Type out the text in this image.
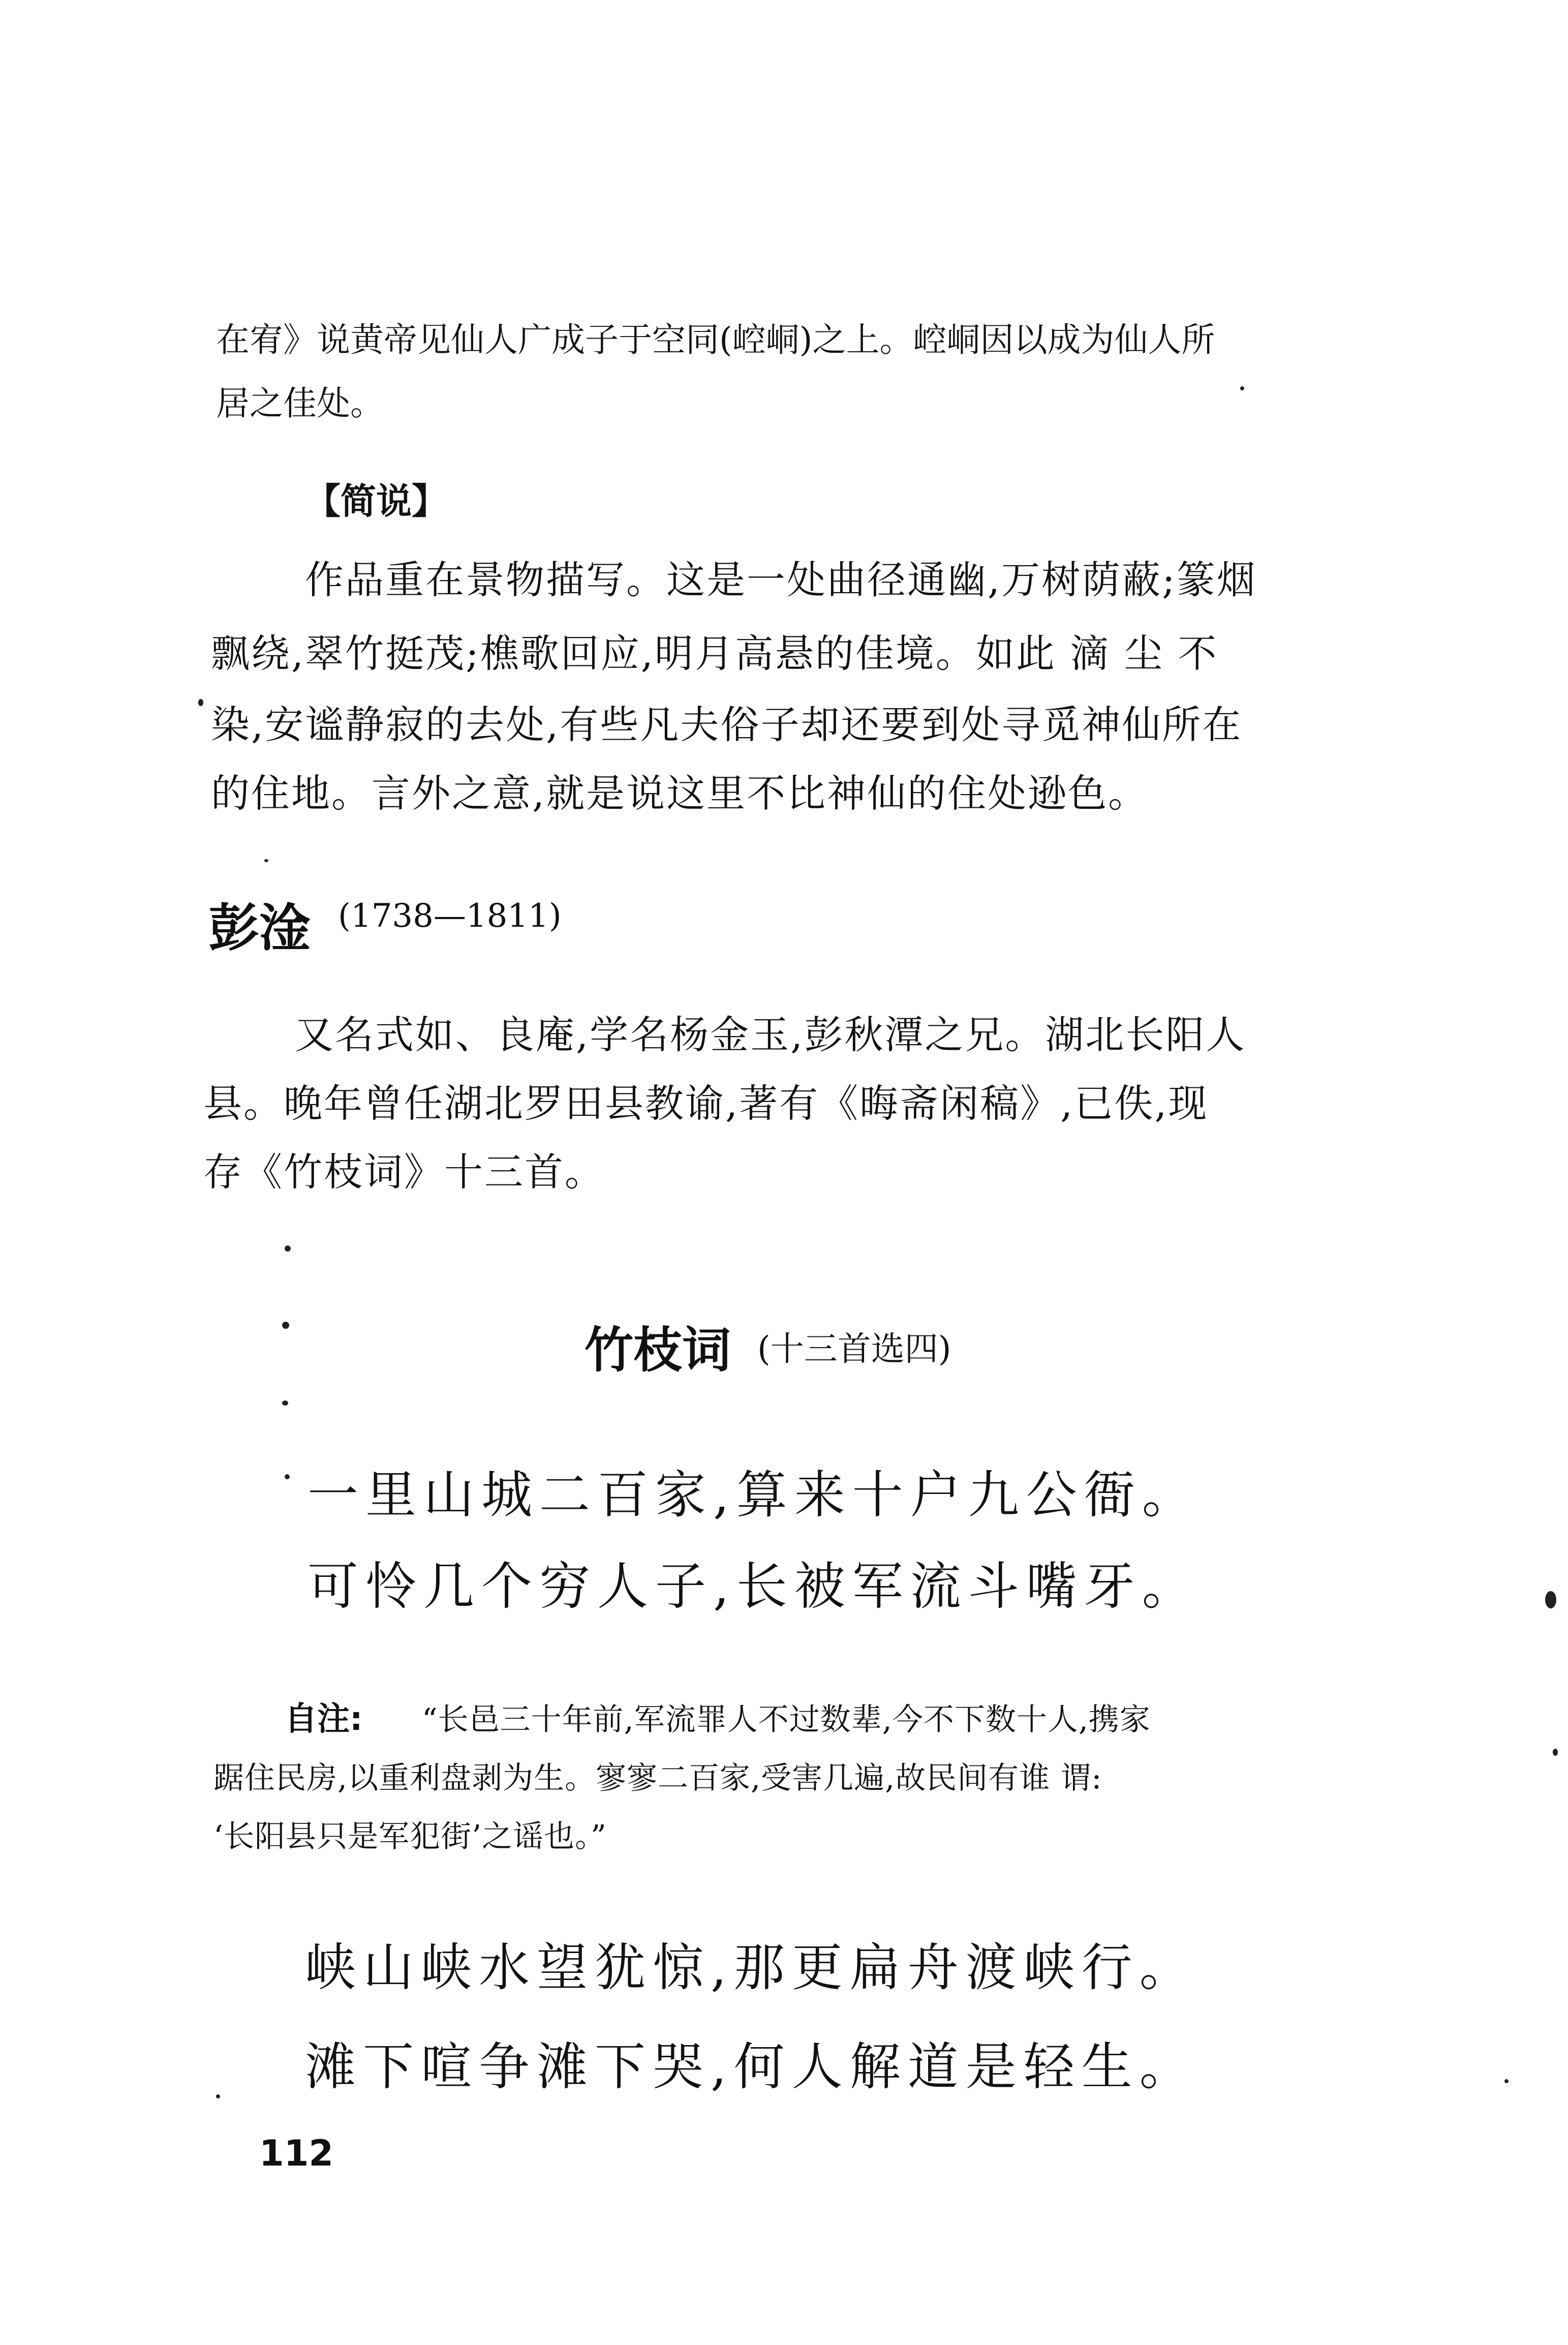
在宥》说黄帝见仙人广成子于空同(崆峒)之上。崆峒因以成为仙人所
居之佳处。
【简说】
作品重在景物描写。这是一处曲径通幽,万树荫蔽;篆烟
飘绕,翠竹挺茂;樵歌回应,明月高悬的佳境。如此 滴 尘 不
染,安谧静寂的去处,有些凡夫俗子却还要到处寻觅神仙所在
的住地。言外之意,就是说这里不比神仙的住处逊色。
彭淦 (1738—1811)
又名式如、良庵,学名杨金玉,彭秋潭之兄。湖北长阳人
县。晚年曾任湖北罗田县教谕,著有《晦斋闲稿》,已佚,现
存《竹枝词》十三首。
竹枝词 (十三首选四)
一里山城二百家,算来十户九公衙。
可怜几个穷人子,长被军流斗嘴牙。
自注: “长邑三十年前,军流罪人不过数辈,今不下数十人,携家
踞住民房,以重利盘剥为生。寥寥二百家,受害几遍,故民间有谁 谓:
‘长阳县只是军犯街’之谣也。”
峡山峡水望犹惊,那更扁舟渡峡行。
滩下喧争滩下哭,何人解道是轻生。
112
